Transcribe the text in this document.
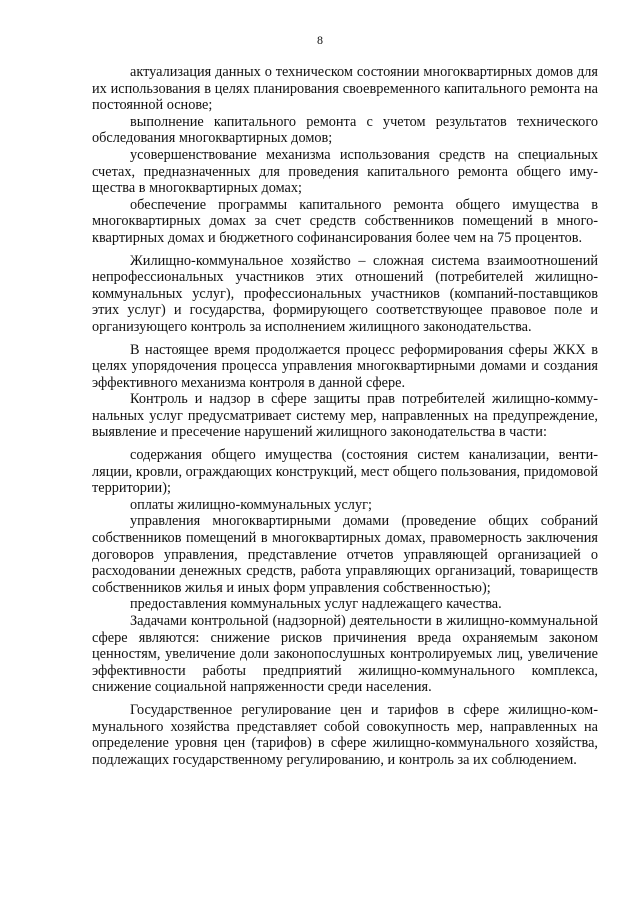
8

актуализация данных о техническом состоянии многоквартирных домов для их использования в целях планирования своевременного капитального ремонта на постоянной основе;

выполнение капитального ремонта с учетом результатов технического обследования многоквартирных домов;

усовершенствование механизма использования средств на специальных счетах, предназначенных для проведения капитального ремонта общего имущества в многоквартирных домах;

обеспечение программы капитального ремонта общего имущества в многоквартирных домах за счет средств собственников помещений в многоквартирных домах и бюджетного софинансирования более чем на 75 процентов.

Жилищно-коммунальное хозяйство – сложная система взаимоотношений непрофессиональных участников этих отношений (потребителей жилищно-коммунальных услуг), профессиональных участников (компаний-поставщиков этих услуг) и государства, формирующего соответствующее правовое поле и организующего контроль за исполнением жилищного законодательства.

В настоящее время продолжается процесс реформирования сферы ЖКХ в целях упорядочения процесса управления многоквартирными домами и создания эффективного механизма контроля в данной сфере.

Контроль и надзор в сфере защиты прав потребителей жилищно-коммунальных услуг предусматривает систему мер, направленных на предупреждение, выявление и пресечение нарушений жилищного законодательства в части:

содержания общего имущества (состояния систем канализации, вентиляции, кровли, ограждающих конструкций, мест общего пользования, придомовой территории);

оплаты жилищно-коммунальных услуг;

управления многоквартирными домами (проведение общих собраний собственников помещений в многоквартирных домах, правомерность заключения договоров управления, представление отчетов управляющей организацией о расходовании денежных средств, работа управляющих организаций, товариществ собственников жилья и иных форм управления собственностью);

предоставления коммунальных услуг надлежащего качества.

Задачами контрольной (надзорной) деятельности в жилищно-коммунальной сфере являются: снижение рисков причинения вреда охраняемым законом ценностям, увеличение доли законопослушных контролируемых лиц, увеличение эффективности работы предприятий жилищно-коммунального комплекса, снижение социальной напряженности среди населения.

Государственное регулирование цен и тарифов в сфере жилищно-коммунального хозяйства представляет собой совокупность мер, направленных на определение уровня цен (тарифов) в сфере жилищно-коммунального хозяйства, подлежащих государственному регулированию, и контроль за их соблюдением.
